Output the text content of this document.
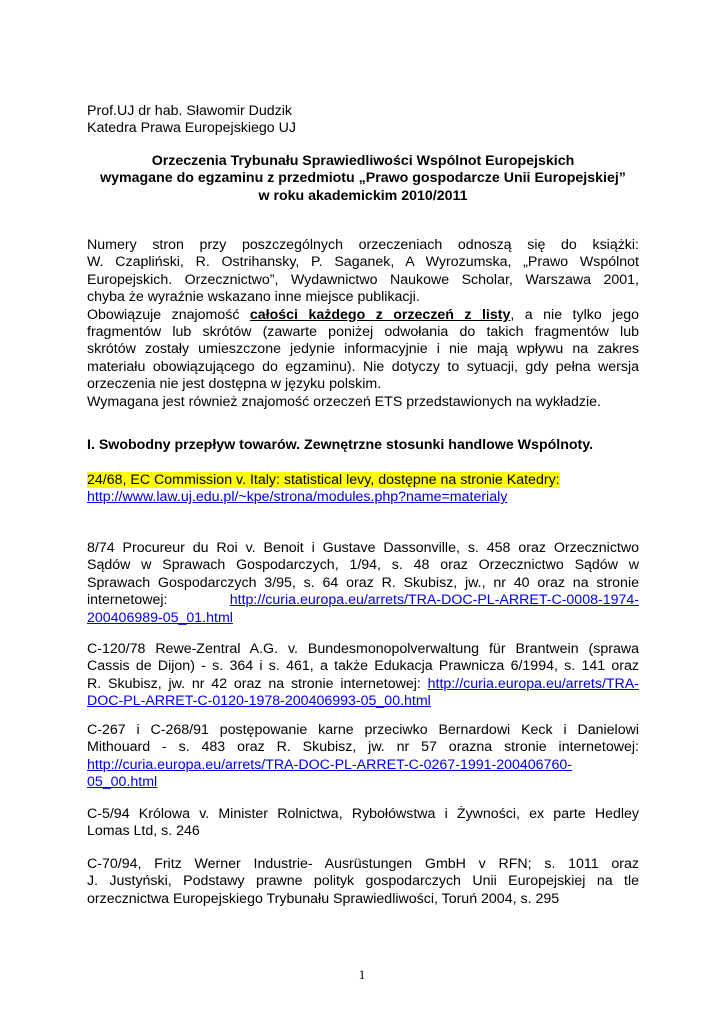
Prof.UJ dr hab. Sławomir Dudzik
Katedra Prawa Europejskiego UJ
Orzeczenia Trybunału Sprawiedliwości Wspólnot Europejskich
wymagane do egzaminu z przedmiotu „Prawo gospodarcze Unii Europejskiej”
w roku akademickim 2010/2011
Numery stron przy poszczególnych orzeczeniach odnoszą się do książki:
W. Czapliński, R. Ostrihansky, P. Saganek, A Wyrozumska, „Prawo Wspólnot
Europejskich. Orzecznictwo”, Wydawnictwo Naukowe Scholar, Warszawa 2001,
chyba że wyraźnie wskazano inne miejsce publikacji.
Obowiązuje znajomość całości każdego z orzeczeń z listy, a nie tylko jego
fragmentów lub skrótów (zawarte poniżej odwołania do takich fragmentów lub
skrótów zostały umieszczone jedynie informacyjnie i nie mają wpływu na zakres
materiału obowiązującego do egzaminu). Nie dotyczy to sytuacji, gdy pełna wersja
orzeczenia nie jest dostępna w języku polskim.
Wymagana jest również znajomość orzeczeń ETS przedstawionych na wykładzie.
I. Swobodny przepływ towarów. Zewnętrzne stosunki handlowe Wspólnoty.
24/68, EC Commission v. Italy: statistical levy, dostępne na stronie Katedry:
http://www.law.uj.edu.pl/~kpe/strona/modules.php?name=materialy
8/74 Procureur du Roi v. Benoit i Gustave Dassonville, s. 458 oraz Orzecznictwo
Sądów w Sprawach Gospodarczych, 1/94, s. 48 oraz Orzecznictwo Sądów w
Sprawach Gospodarczych 3/95, s. 64 oraz R. Skubisz, jw., nr 40 oraz na stronie
internetowej:	http://curia.europa.eu/arrets/TRA-DOC-PL-ARRET-C-0008-1974-
200406989-05_01.html
C-120/78 Rewe-Zentral A.G. v. Bundesmonopolverwaltung für Brantwein (sprawa
Cassis de Dijon) - s. 364 i s. 461, a także Edukacja Prawnicza 6/1994, s. 141 oraz
R. Skubisz, jw. nr 42 oraz na stronie internetowej: http://curia.europa.eu/arrets/TRA-
DOC-PL-ARRET-C-0120-1978-200406993-05_00.html
C-267 i C-268/91 postępowanie karne przeciwko Bernardowi Keck i Danielowi
Mithouard - s. 483 oraz R. Skubisz, jw. nr 57 orazna stronie internetowej:
http://curia.europa.eu/arrets/TRA-DOC-PL-ARRET-C-0267-1991-200406760-
05_00.html
C-5/94 Królowa v. Minister Rolnictwa, Rybołówstwa i Żywności, ex parte Hedley
Lomas Ltd, s. 246
C-70/94, Fritz Werner Industrie- Ausrüstungen GmbH v RFN; s. 1011 oraz
J. Justyński, Podstawy prawne polityk gospodarczych Unii Europejskiej na tle
orzecznictwa Europejskiego Trybunału Sprawiedliwości, Toruń 2004, s. 295
1
